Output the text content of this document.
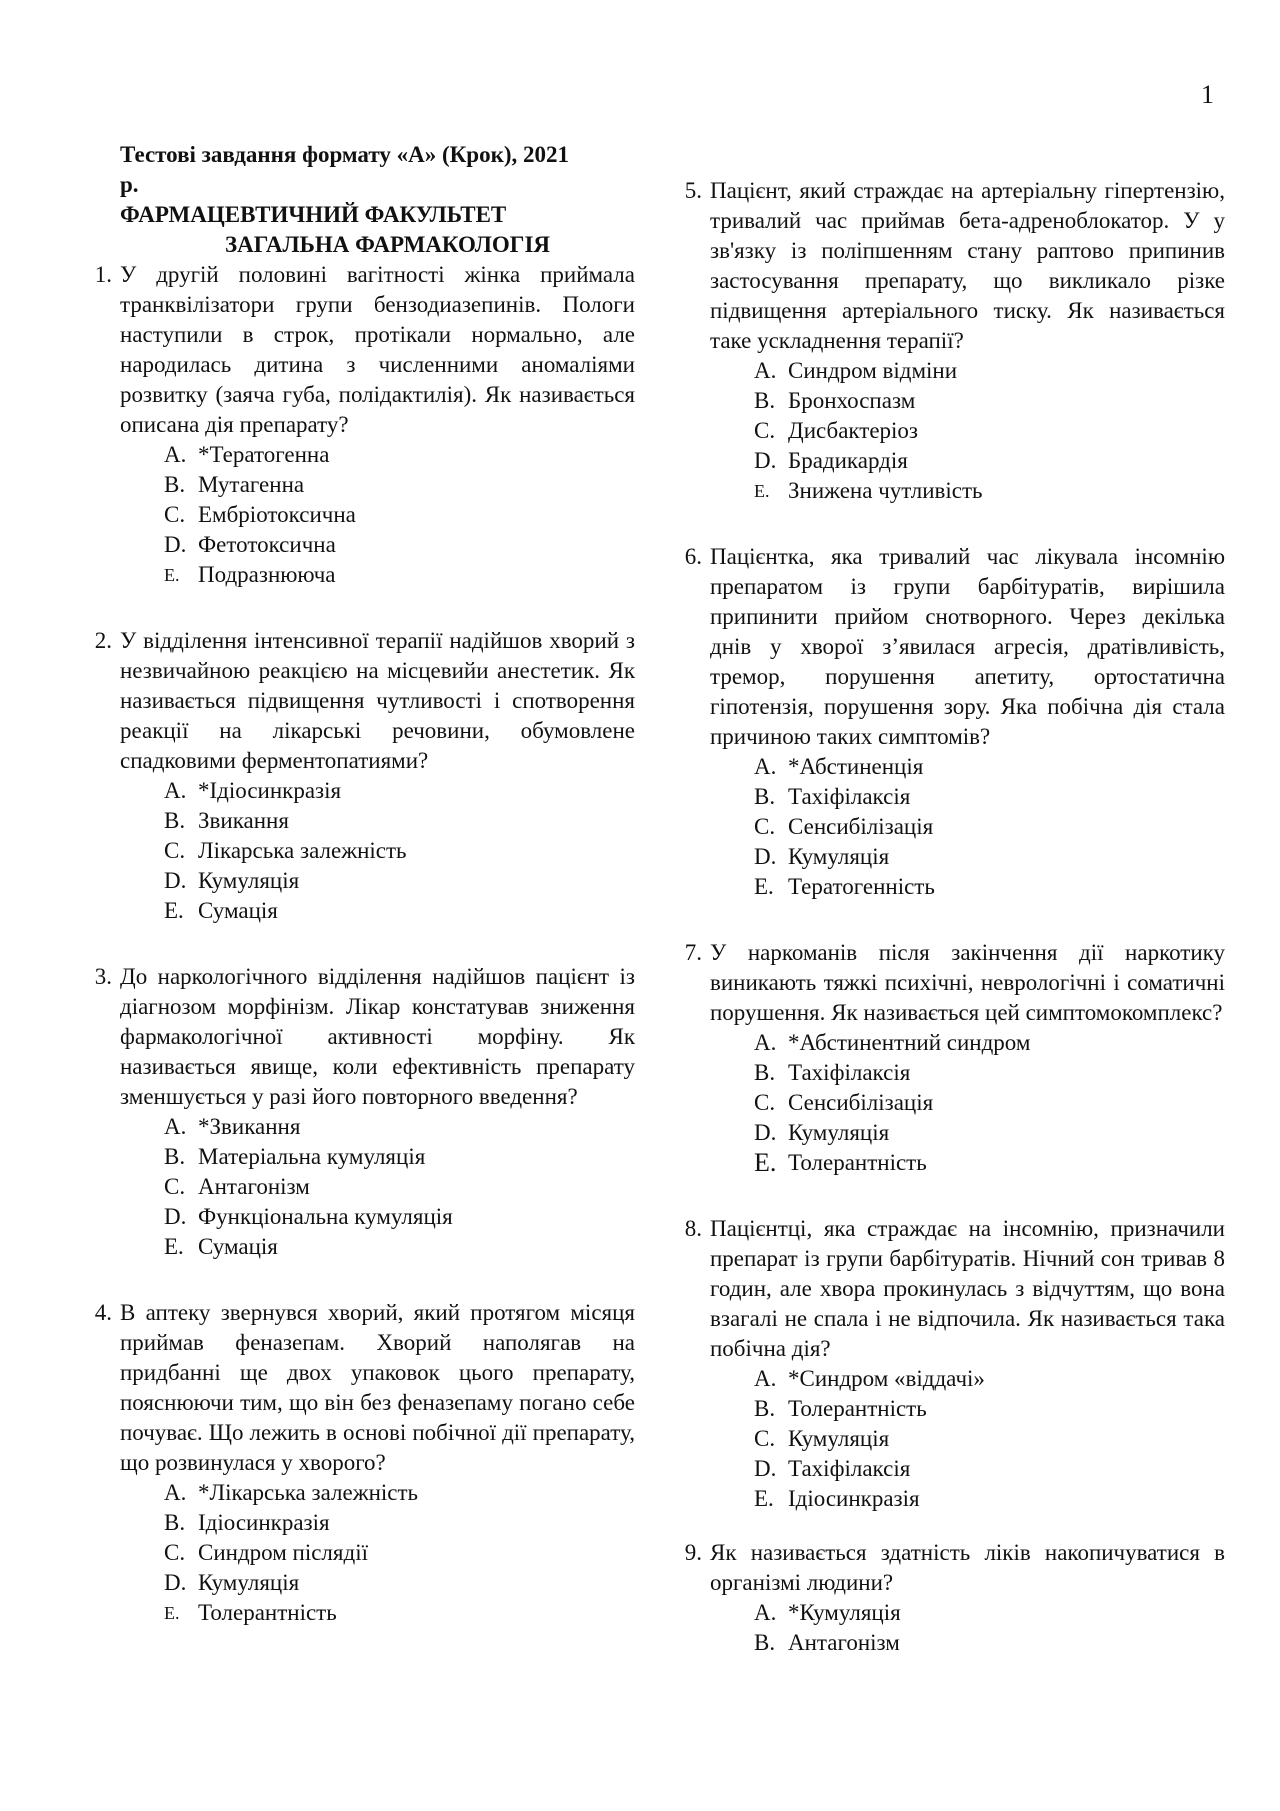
1
Тестові завдання формату «А» (Крок), 2021
р.
ФАРМАЦЕВТИЧНИЙ ФАКУЛЬТЕТ
ЗАГАЛЬНА ФАРМАКОЛОГІЯ
1. У другій половині вагітності жінка приймала транквілізатори групи бензодиазепинів. Пологи наступили в строк, протікали нормально, але народилась дитина з численними аномаліями розвитку (заяча губа, полідактилія). Як називається описана дія препарату?

A. *Тератогенна
B. Мутагенна
C. Ембріотоксична
D. Фетотоксична
E. Подразнююча
2. У відділення інтенсивної терапії надійшов хворий з незвичайною реакцією на місцевийи анестетик. Як називається підвищення чутливості і спотворення реакції на лікарські речовини, обумовлене спадковими ферментопатиями?

A. *Ідіосинкразія
B. Звикання
C. Лікарська залежність
D. Кумуляція
E. Сумація
3. До наркологічного відділення надійшов пацієнт із діагнозом морфінізм. Лікар констатував зниження фармакологічної активності морфіну. Як називається явище, коли ефективність препарату зменшується у разі його повторного введення?

A. *Звикання
B. Матеріальна кумуляція
C. Антагонізм
D. Функціональна кумуляція
E. Сумація
4. В аптеку звернувся хворий, який протягом місяця приймав феназепам. Хворий наполягав на придбанні ще двох упаковок цього препарату, пояснюючи тим, що він без феназепаму погано себе почуває. Що лежить в основі побічної дії препарату, що розвинулася у хворого?

A. *Лікарська залежність
B. Ідіосинкразія
C. Синдром післядії
D. Кумуляція
E. Толерантність
5. Пацієнт, який страждає на артеріальну гіпертензію, тривалий час приймав бета-адреноблокатор. У у зв'язку із поліпшенням стану раптово припинив застосування препарату, що викликало різке підвищення артеріального тиску. Як називається таке ускладнення терапії?

A. Синдром відміни
B. Бронхоспазм
C. Дисбактеріоз
D. Брадикардія
E. Знижена чутливість
6. Пацієнтка, яка тривалий час лікувала інсомнію препаратом із групи барбітуратів, вирішила припинити прийом снотворного. Через декілька днів у хворої з’явилася агресія, дратівливість, тремор, порушення апетиту, ортостатична гіпотензія, порушення зору. Яка побічна дія стала причиною таких симптомів?

A. *Абстиненція
B. Тахіфілаксія
C. Сенсибілізація
D. Кумуляція
E. Тератогенність
7. У наркоманів після закінчення дії наркотику виникають тяжкі психічні, неврологічні і соматичні порушення. Як називається цей симптомокомплекс?

A. *Абстинентний синдром
B. Тахіфілаксія
C. Сенсибілізація
D. Кумуляція
E. Толерантність
8. Пацієнтці, яка страждає на інсомнію, призначили препарат із групи барбітуратів. Нічний сон тривав 8 годин, але хвора прокинулась з відчуттям, що вона взагалі не спала і не відпочила. Як називається така побічна дія?

A. *Синдром «віддачі»
B. Толерантність
C. Кумуляція
D. Тахіфілаксія
E. Ідіосинкразія
9. Як називається здатність ліків накопичуватися в організмі людини?

A. *Кумуляція
B. Антагонізм
